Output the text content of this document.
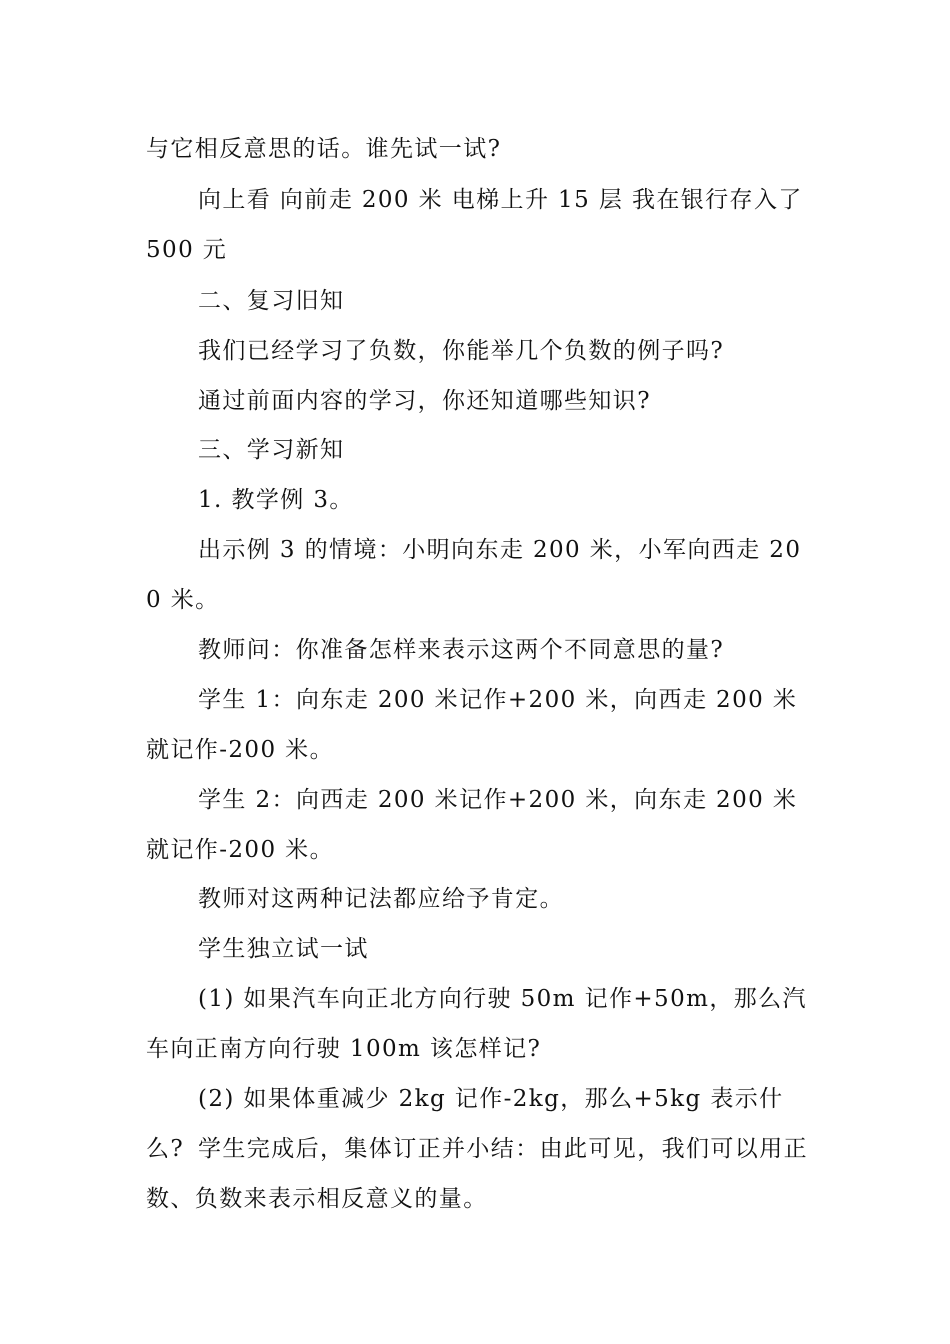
与它相反意思的话。谁先试一试?

向上看 向前走 200 米 电梯上升 15 层 我在银行存入了 500 元

二、复习旧知

我们已经学习了负数，你能举几个负数的例子吗?

通过前面内容的学习，你还知道哪些知识?

三、学习新知

1. 教学例 3。

出示例 3 的情境：小明向东走 200 米，小军向西走 200 米。

教师问：你准备怎样来表示这两个不同意思的量?

学生 1：向东走 200 米记作+200 米，向西走 200 米就记作-200 米。

学生 2：向西走 200 米记作+200 米，向东走 200 米就记作-200 米。

教师对这两种记法都应给予肯定。

学生独立试一试

(1) 如果汽车向正北方向行驶 50m 记作+50m，那么汽车向正南方向行驶 100m 该怎样记?

(2) 如果体重减少 2kg 记作-2kg，那么+5kg 表示什么? 学生完成后，集体订正并小结：由此可见，我们可以用正数、负数来表示相反意义的量。
